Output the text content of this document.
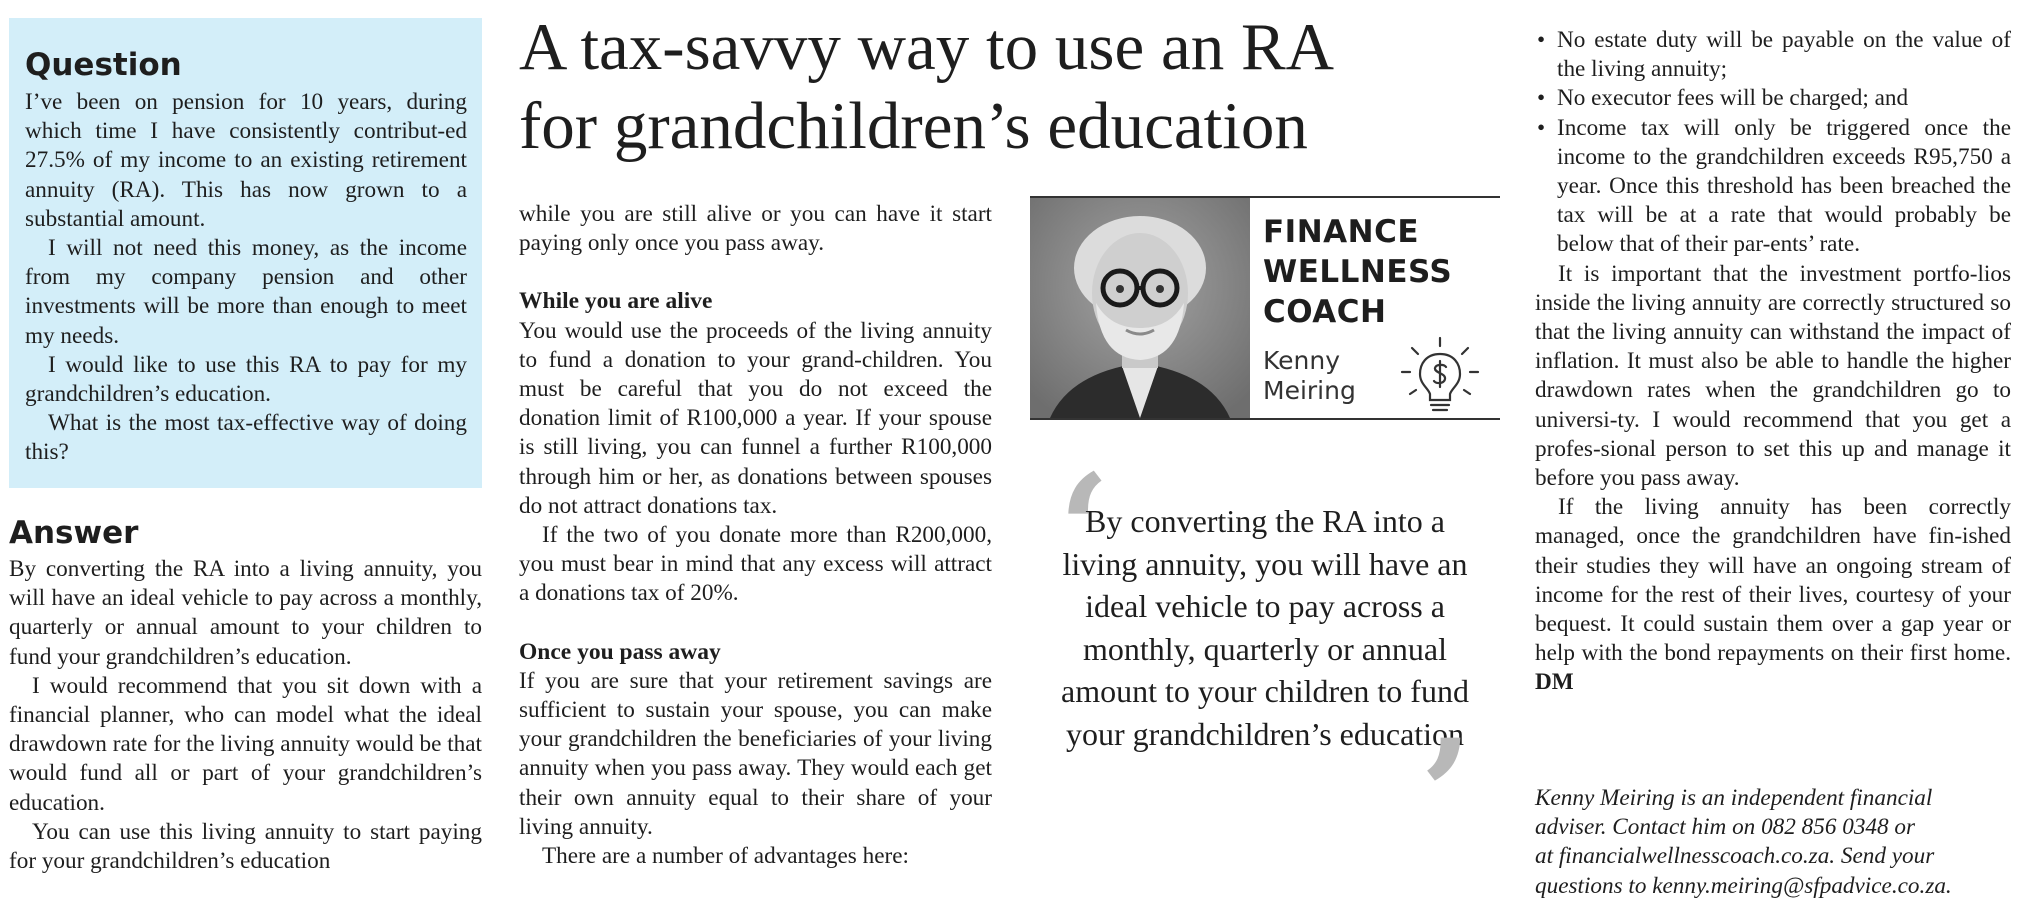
A tax-savvy way to use an RA
for grandchildren’s education
Question

I’ve been on pension for 10 years, during which time I have consistently contribut-ed 27.5% of my income to an existing retirement annuity (RA). This has now grown to a substantial amount.

I will not need this money, as the income from my company pension and other investments will be more than enough to meet my needs.

I would like to use this RA to pay for my grandchildren’s education.

What is the most tax-effective way of doing this?

Answer

By converting the RA into a living annuity, you will have an ideal vehicle to pay across a monthly, quarterly or annual amount to your children to fund your grandchildren’s education.

I would recommend that you sit down with a financial planner, who can model what the ideal drawdown rate for the living annuity would be that would fund all or part of your grandchildren’s education.

You can use this living annuity to start paying for your grandchildren’s education

while you are still alive or you can have it start paying only once you pass away.

While you are alive

You would use the proceeds of the living annuity to fund a donation to your grand-children. You must be careful that you do not exceed the donation limit of R100,000 a year. If your spouse is still living, you can funnel a further R100,000 through him or her, as donations between spouses do not attract donations tax.

If the two of you donate more than R200,000, you must bear in mind that any excess will attract a donations tax of 20%.

Once you pass away

If you are sure that your retirement savings are sufficient to sustain your spouse, you can make your grandchildren the beneficiaries of your living annuity when you pass away. They would each get their own annuity equal to their share of your living annuity.

There are a number of advantages here:

FINANCE
WELLNESS
COACH
Kenny
Meiring
‘
By converting the RA into a living annuity, you will have an ideal vehicle to pay across a monthly, quarterly or annual amount to your children to fund your grandchildren’s education
’
• No estate duty will be payable on the value of the living annuity;
• No executor fees will be charged; and
• Income tax will only be triggered once the income to the grandchildren exceeds R95,750 a year. Once this threshold has been breached the tax will be at a rate that would probably be below that of their par-ents’ rate.

It is important that the investment portfo-lios inside the living annuity are correctly structured so that the living annuity can withstand the impact of inflation. It must also be able to handle the higher drawdown rates when the grandchildren go to universi-ty. I would recommend that you get a profes-sional person to set this up and manage it before you pass away.

If the living annuity has been correctly managed, once the grandchildren have fin-ished their studies they will have an ongoing stream of income for the rest of their lives, courtesy of your bequest. It could sustain them over a gap year or help with the bond repayments on their first home. DM

Kenny Meiring is an independent financial
adviser. Contact him on 082 856 0348 or
at financialwellnesscoach.co.za. Send your
questions to kenny.meiring@sfpadvice.co.za.
